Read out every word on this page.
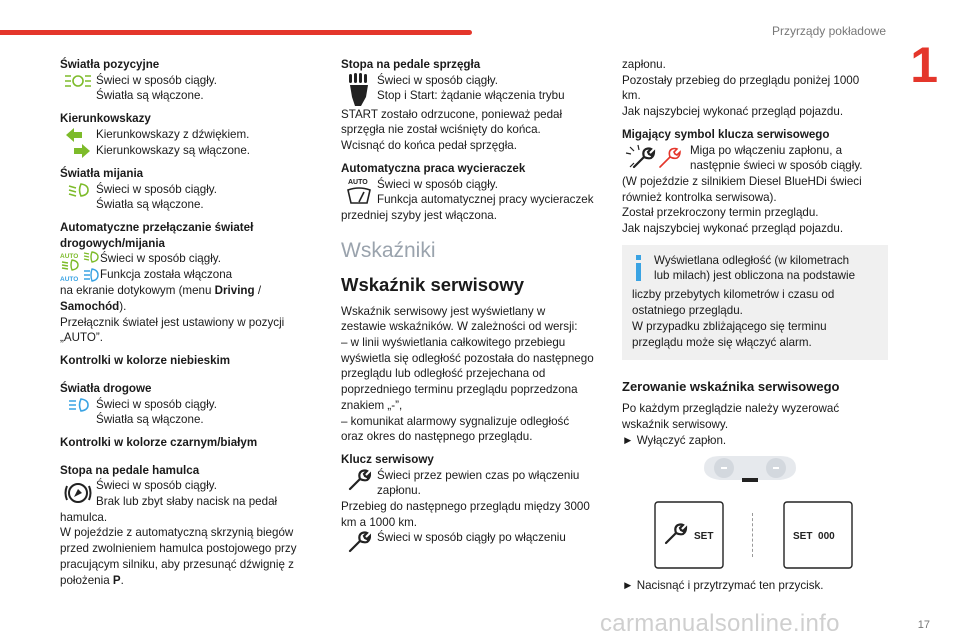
Przyrządy pokładowe
1
17
carmanualsonline.info

Światła pozycyjne

Świeci w sposób ciągły.
Światła są włączone.

Kierunkowskazy

Kierunkowskazy z dźwiękiem.
Kierunkowskazy są włączone.

Światła mijania

Świeci w sposób ciągły.
Światła są włączone.

Automatyczne przełączanie świateł
drogowych/mijania

AUTO
AUTO
Świeci w sposób ciągły.
Funkcja została włączona

na ekranie dotykowym (menu Driving /
Samochód).

Przełącznik świateł jest ustawiony w pozycji

„AUTO”.

Kontrolki w kolorze niebieskim

Światła drogowe

Świeci w sposób ciągły.
Światła są włączone.

Kontrolki w kolorze czarnym/białym

Stopa na pedale hamulca

Świeci w sposób ciągły.
Brak lub zbyt słaby nacisk na pedał

hamulca.

W pojeździe z automatyczną skrzynią biegów

przed zwolnieniem hamulca postojowego przy

pracującym silniku, aby przesunąć dźwignię z

położenia P.

Stopa na pedale sprzęgła

Świeci w sposób ciągły.
Stop i Start: żądanie włączenia trybu

START zostało odrzucone, ponieważ pedał

sprzęgła nie został wciśnięty do końca.

Wcisnąć do końca pedał sprzęgła.

Automatyczna praca wycieraczek

AUTO Świeci w sposób ciągły.
Funkcja automatycznej pracy wycieraczek

przedniej szyby jest włączona.

Wskaźniki
Wskaźnik serwisowy

Wskaźnik serwisowy jest wyświetlany w

zestawie wskaźników. W zależności od wersji:

– w linii wyświetlania całkowitego przebiegu

wyświetla się odległość pozostała do następnego

przeglądu lub odległość przejechana od

poprzedniego terminu przeglądu poprzedzona

znakiem „-”,

– komunikat alarmowy sygnalizuje odległość

oraz okres do następnego przeglądu.

Klucz serwisowy

Świeci przez pewien czas po włączeniu
zapłonu.

Przebieg do następnego przeglądu między 3000

km a 1000 km.

Świeci w sposób ciągły po włączeniu

zapłonu.

Pozostały przebieg do przeglądu poniżej 1000

km.

Jak najszybciej wykonać przegląd pojazdu.

Migający symbol klucza serwisowego

Miga po włączeniu zapłonu, a
następnie świeci w sposób ciągły.

(W pojeździe z silnikiem Diesel BlueHDi świeci

również kontrolka serwisowa).

Został przekroczony termin przeglądu.

Jak najszybciej wykonać przegląd pojazdu.

Wyświetlana odległość (w kilometrach
lub milach) jest obliczona na podstawie
liczby przebytych kilometrów i czasu od
ostatniego przeglądu.
W przypadku zbliżającego się terminu
przeglądu może się włączyć alarm.
Zerowanie wskaźnika serwisowego

Po każdym przeglądzie należy wyzerować

wskaźnik serwisowy.

► Wyłączyć zapłon.

SET	SET  000
► Nacisnąć i przytrzymać ten przycisk.
